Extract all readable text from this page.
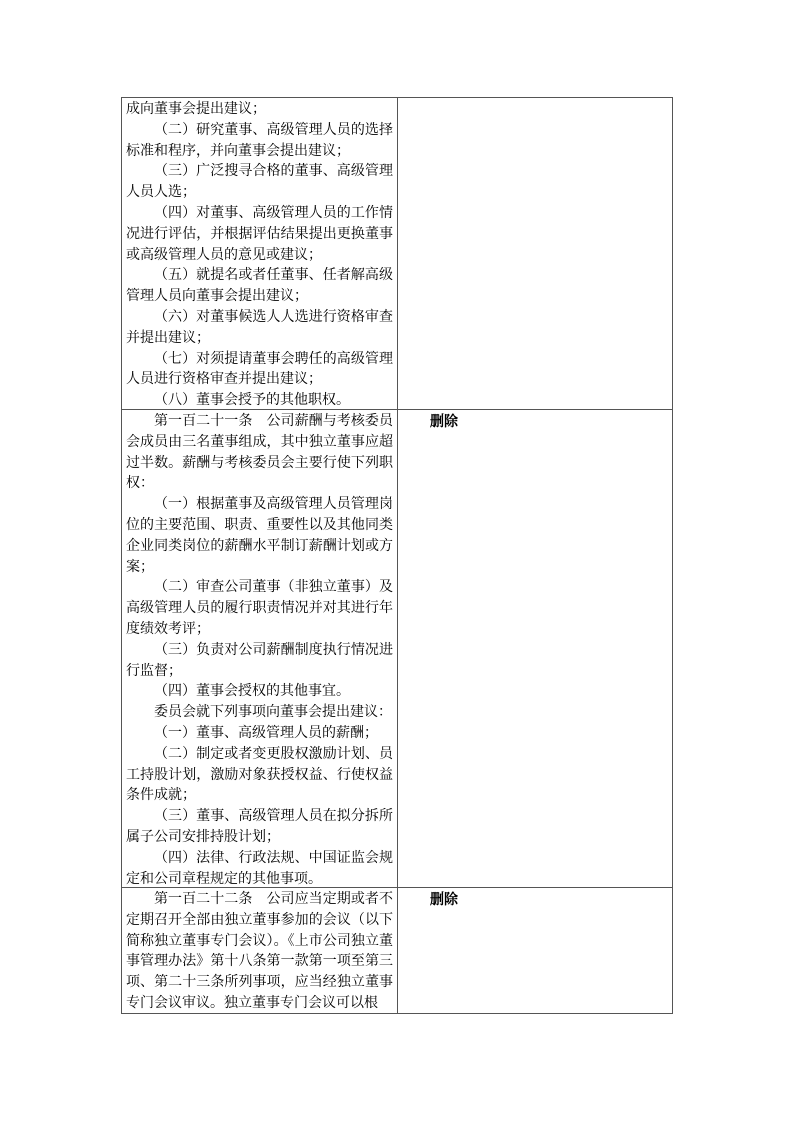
成向董事会提出建议；

（二）研究董事、高级管理人员的选择标准和程序，并向董事会提出建议；

（三）广泛搜寻合格的董事、高级管理人员人选；

（四）对董事、高级管理人员的工作情况进行评估，并根据评估结果提出更换董事或高级管理人员的意见或建议；

（五）就提名或者任董事、任者解高级管理人员向董事会提出建议；

（六）对董事候选人人选进行资格审查并提出建议；

（七）对须提请董事会聘任的高级管理人员进行资格审查并提出建议；

（八）董事会授予的其他职权。

第一百二十一条　公司薪酬与考核委员会成员由三名董事组成，其中独立董事应超过半数。薪酬与考核委员会主要行使下列职权：

（一）根据董事及高级管理人员管理岗位的主要范围、职责、重要性以及其他同类企业同类岗位的薪酬水平制订薪酬计划或方案；

（二）审查公司董事（非独立董事）及高级管理人员的履行职责情况并对其进行年度绩效考评；

（三）负责对公司薪酬制度执行情况进行监督；

（四）董事会授权的其他事宜。

委员会就下列事项向董事会提出建议：

（一）董事、高级管理人员的薪酬；

（二）制定或者变更股权激励计划、员工持股计划，激励对象获授权益、行使权益条件成就；

（三）董事、高级管理人员在拟分拆所属子公司安排持股计划；

（四）法律、行政法规、中国证监会规定和公司章程规定的其他事项。

删除

第一百二十二条　公司应当定期或者不定期召开全部由独立董事参加的会议（以下简称独立董事专门会议）。《上市公司独立董事管理办法》第十八条第一款第一项至第三项、第二十三条所列事项，应当经独立董事专门会议审议。独立董事专门会议可以根

删除
